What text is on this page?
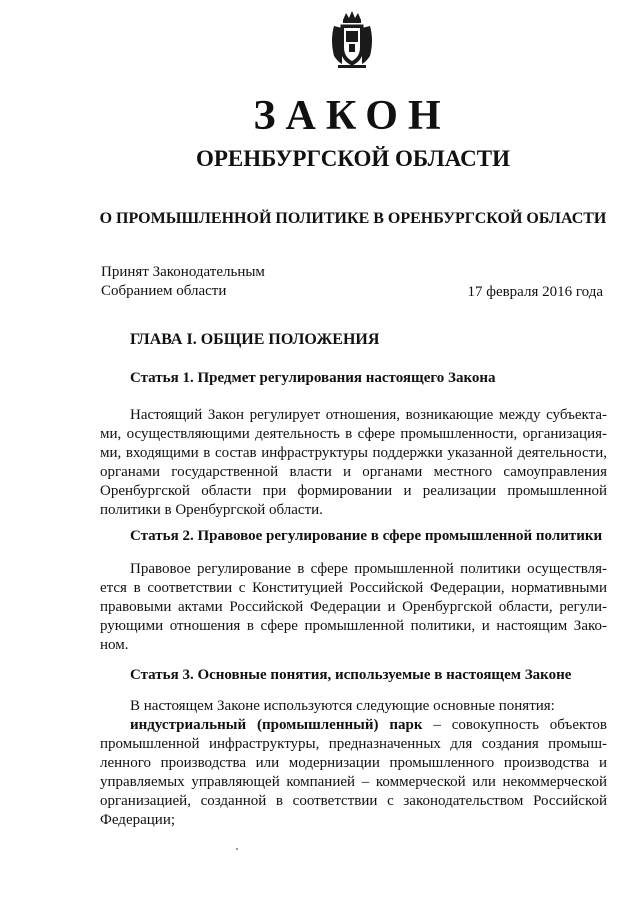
ЗАКОН
ОРЕНБУРГСКОЙ ОБЛАСТИ
О ПРОМЫШЛЕННОЙ ПОЛИТИКЕ В ОРЕНБУРГСКОЙ ОБЛАСТИ
Принят Законодательным
Собранием области	17 февраля 2016 года
ГЛАВА I. ОБЩИЕ ПОЛОЖЕНИЯ
Статья 1. Предмет регулирования настоящего Закона
Настоящий Закон регулирует отношения, возникающие между субъектами, осуществляющими деятельность в сфере промышленности, организациями, входящими в состав инфраструктуры поддержки указанной деятельности, органами государственной власти и органами местного самоуправления Оренбургской области при формировании и реализации промышленной политики в Оренбургской области.
Статья 2. Правовое регулирование в сфере промышленной политики
Правовое регулирование в сфере промышленной политики осуществляется в соответствии с Конституцией Российской Федерации, нормативными правовыми актами Российской Федерации и Оренбургской области, регулирующими отношения в сфере промышленной политики, и настоящим Законом.
Статья 3. Основные понятия, используемые в настоящем Законе
В настоящем Законе используются следующие основные понятия:
индустриальный (промышленный) парк – совокупность объектов промышленной инфраструктуры, предназначенных для создания промышленного производства или модернизации промышленного производства и управляемых управляющей компанией – коммерческой или некоммерческой организацией, созданной в соответствии с законодательством Российской Федерации;
